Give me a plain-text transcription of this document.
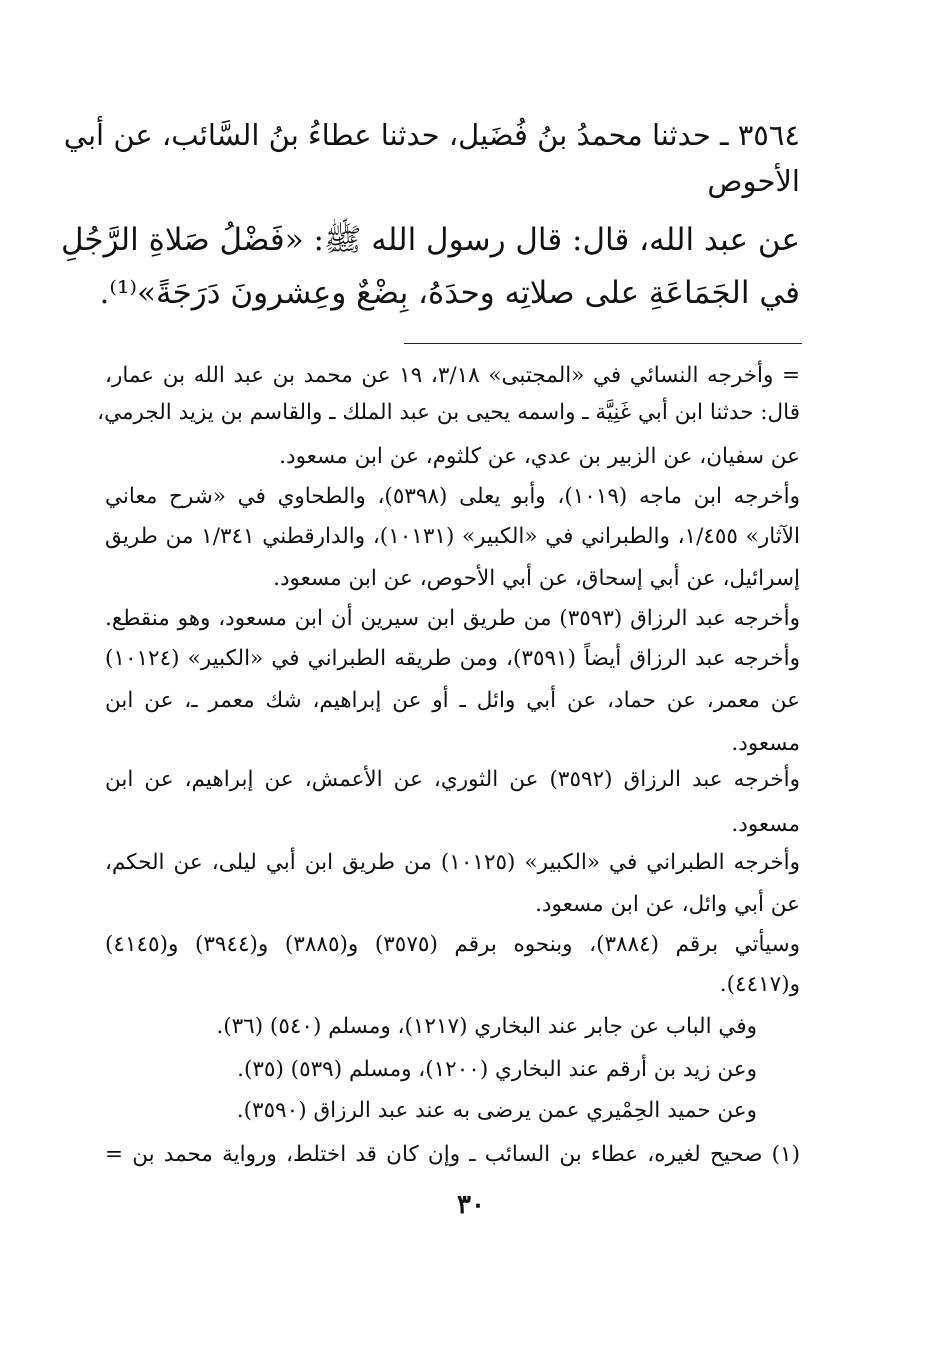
٣٥٦٤ ـ حدثنا محمدُ بنُ فُضَيل، حدثنا عطاءُ بنُ السَّائب، عن أبي
الأحوص
عن عبد الله، قال: قال رسول الله ﷺ: «فَضْلُ صَلاةِ الرَّجُلِ
في الجَمَاعَةِ على صلاتِه وحدَهُ، بِضْعٌ وعِشرونَ دَرَجَةً»⁽¹⁾.
= وأخرجه النسائي في «المجتبى» ٣/١٨، ١٩ عن محمد بن عبد الله بن عمار،
قال: حدثنا ابن أبي غَنِيَّة ـ واسمه يحيى بن عبد الملك ـ والقاسم بن يزيد الجرمي،
عن سفيان، عن الزبير بن عدي، عن كلثوم، عن ابن مسعود.
وأخرجه ابن ماجه (١٠١٩)، وأبو يعلى (٥٣٩٨)، والطحاوي في «شرح معاني
الآثار» ١/٤٥٥، والطبراني في «الكبير» (١٠١٣١)، والدارقطني ١/٣٤١ من طريق
إسرائيل، عن أبي إسحاق، عن أبي الأحوص، عن ابن مسعود.
وأخرجه عبد الرزاق (٣٥٩٣) من طريق ابن سيرين أن ابن مسعود، وهو منقطع.
وأخرجه عبد الرزاق أيضاً (٣٥٩١)، ومن طريقه الطبراني في «الكبير» (١٠١٢٤)
عن معمر، عن حماد، عن أبي وائل ـ أو عن إبراهيم، شك معمر ـ، عن ابن
مسعود.
وأخرجه عبد الرزاق (٣٥٩٢) عن الثوري، عن الأعمش، عن إبراهيم، عن ابن
مسعود.
وأخرجه الطبراني في «الكبير» (١٠١٢٥) من طريق ابن أبي ليلى، عن الحكم،
عن أبي وائل، عن ابن مسعود.
وسيأتي برقم (٣٨٨٤)، وبنحوه برقم (٣٥٧٥) و(٣٨٨٥) و(٣٩٤٤) و(٤١٤٥)
و(٤٤١٧).
وفي الباب عن جابر عند البخاري (١٢١٧)، ومسلم (٥٤٠) (٣٦).
وعن زيد بن أرقم عند البخاري (١٢٠٠)، ومسلم (٥٣٩) (٣٥).
وعن حميد الحِمْيري عمن يرضى به عند عبد الرزاق (٣٥٩٠).
(١) صحيح لغيره، عطاء بن السائب ـ وإن كان قد اختلط، ورواية محمد بن =
٣٠
